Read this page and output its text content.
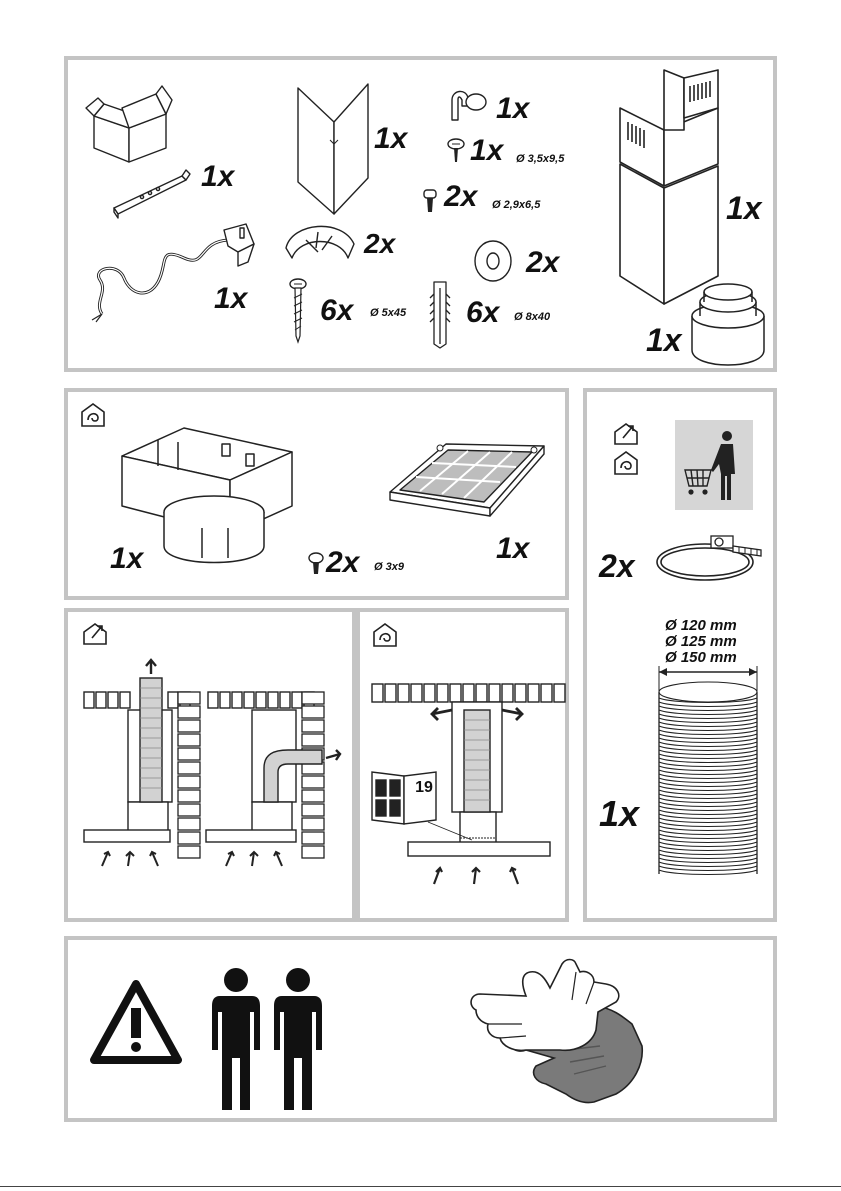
1x
1x
1x
2x
1x
1x Ø 3,5x9,5
2x Ø 2,9x6,5
2x
6x Ø 5x45 6x Ø 8x40
1x
1x
1x	2x Ø 3x9
1x 2x
Ø 120 mm
Ø 125 mm
Ø 150 mm
1x
19
